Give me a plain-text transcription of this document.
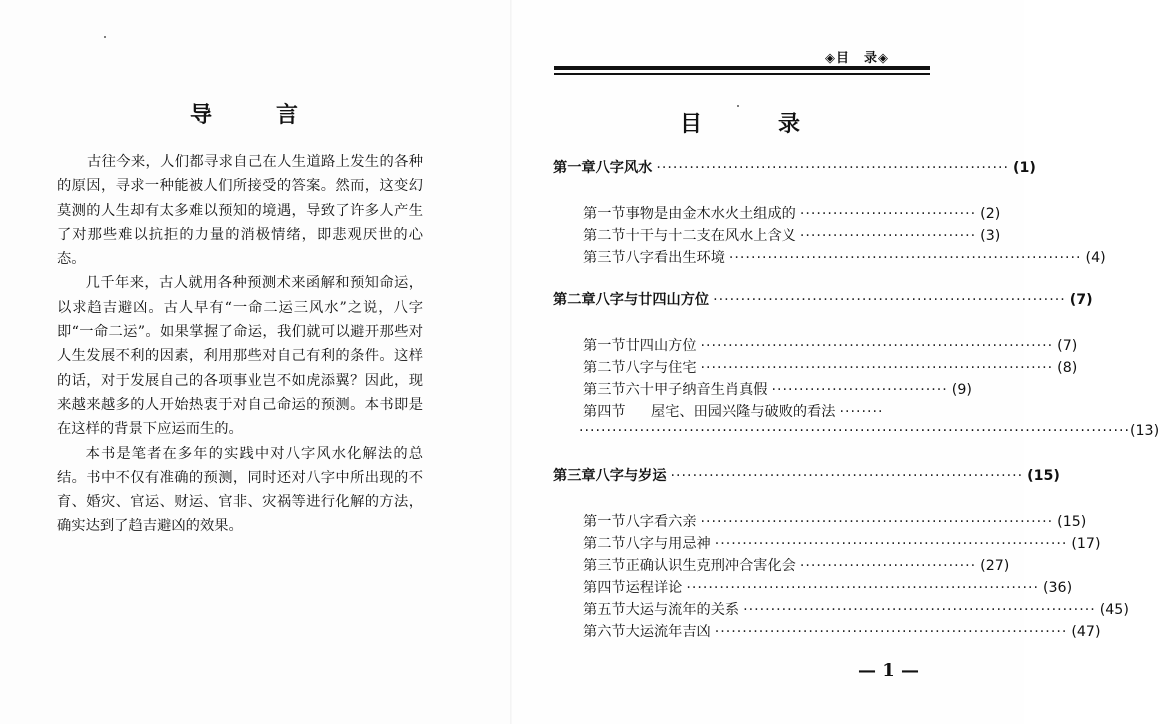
导	言

古往今来，人们都寻求自己在人生道路上发生的各种的原因，寻求一种能被人们所接受的答案。然而，这变幻莫测的人生却有太多难以预知的境遇，导致了许多人产生了对那些难以抗拒的力量的消极情绪，即悲观厌世的心态。

几千年来，古人就用各种预测术来函解和预知命运，以求趋吉避凶。古人早有“一命二运三风水”之说，八字即“一命二运”。如果掌握了命运，我们就可以避开那些对人生发展不利的因素，利用那些对自己有利的条件。这样的话，对于发展自己的各项事业岂不如虎添翼？因此，现来越来越多的人开始热衷于对自己命运的预测。本书即是在这样的背景下应运而生的。

本书是笔者在多年的实践中对八字风水化解法的总结。书中不仅有准确的预测，同时还对八字中所出现的不育、婚灾、官运、财运、官非、灾祸等进行化解的方法，确实达到了趋吉避凶的效果。

◈目　录◈
目	录
第一章 八字风水 ································································ (1)
第一节 事物是由金木水火土组成的 ································ (2)
第二节 十干与十二支在风水上含义 ································ (3)
第三节 八字看出生环境 ································································ (4)
第二章 八字与廿四山方位 ································································ (7)
第一节 廿四山方位 ································································ (7)
第二节 八字与住宅 ································································ (8)
第三节 六十甲子纳音生肖真假 ································ (9)
第四节	屋宅、田园兴隆与破败的看法 ········
···································································································· (13)
第三章 八字与岁运 ································································ (15)
第一节 八字看六亲 ································································ (15)
第二节 八字与用忌神 ································································ (17)
第三节 正确认识生克刑冲合害化会 ································ (27)
第四节 运程详论 ································································ (36)
第五节 大运与流年的关系 ································································ (45)
第六节 大运流年吉凶 ································································ (47)
— 1 —
